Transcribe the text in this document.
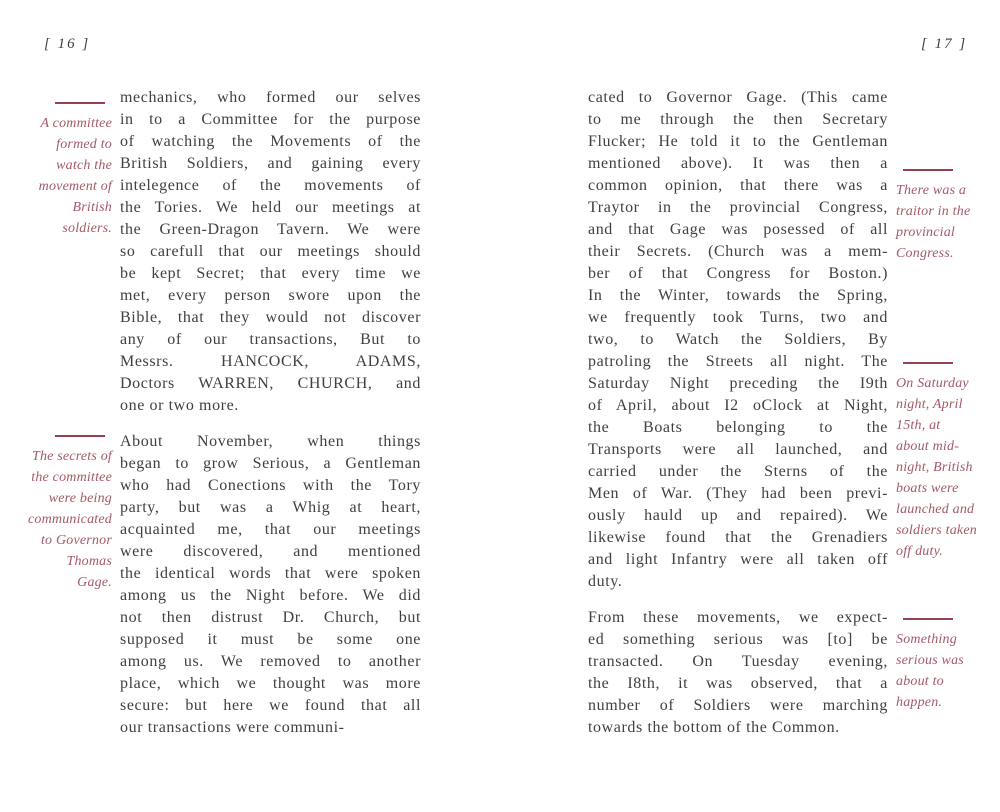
[ 16 ]
A committee
formed to
watch the
movement of
British
soldiers.
The secrets of
the committee
were being
communicated
to Governor
Thomas
Gage.
mechanics, who formed our selves
in to a Committee for the purpose
of watching the Movements of the
British Soldiers, and gaining every
intelegence of the movements of
the Tories. We held our meetings at
the Green-Dragon Tavern. We were
so carefull that our meetings should
be kept Secret; that every time we
met, every person swore upon the
Bible, that they would not discover
any of our transactions, But to
Messrs. HANCOCK, ADAMS,
Doctors WARREN, CHURCH, and
one or two more.
About November, when things
began to grow Serious, a Gentleman
who had Conections with the Tory
party, but was a Whig at heart,
acquainted me, that our meetings
were discovered, and mentioned
the identical words that were spoken
among us the Night before. We did
not then distrust Dr. Church, but
supposed it must be some one
among us. We removed to another
place, which we thought was more
secure: but here we found that all
our transactions were communi-
[ 17 ]
There was a
traitor in the
provincial
Congress.
On Saturday
night, April
15th, at
about mid-
night, British
boats were
launched and
soldiers taken
off duty.
Something
serious was
about to
happen.
cated to Governor Gage. (This came
to me through the then Secretary
Flucker; He told it to the Gentleman
mentioned above). It was then a
common opinion, that there was a
Traytor in the provincial Congress,
and that Gage was posessed of all
their Secrets. (Church was a mem-
ber of that Congress for Boston.)
In the Winter, towards the Spring,
we frequently took Turns, two and
two, to Watch the Soldiers, By
patroling the Streets all night. The
Saturday Night preceding the I9th
of April, about I2 oClock at Night,
the Boats belonging to the
Transports were all launched, and
carried under the Sterns of the
Men of War. (They had been previ-
ously hauld up and repaired). We
likewise found that the Grenadiers
and light Infantry were all taken off
duty.
From these movements, we expect-
ed something serious was [to] be
transacted. On Tuesday evening,
the I8th, it was observed, that a
number of Soldiers were marching
towards the bottom of the Common.
